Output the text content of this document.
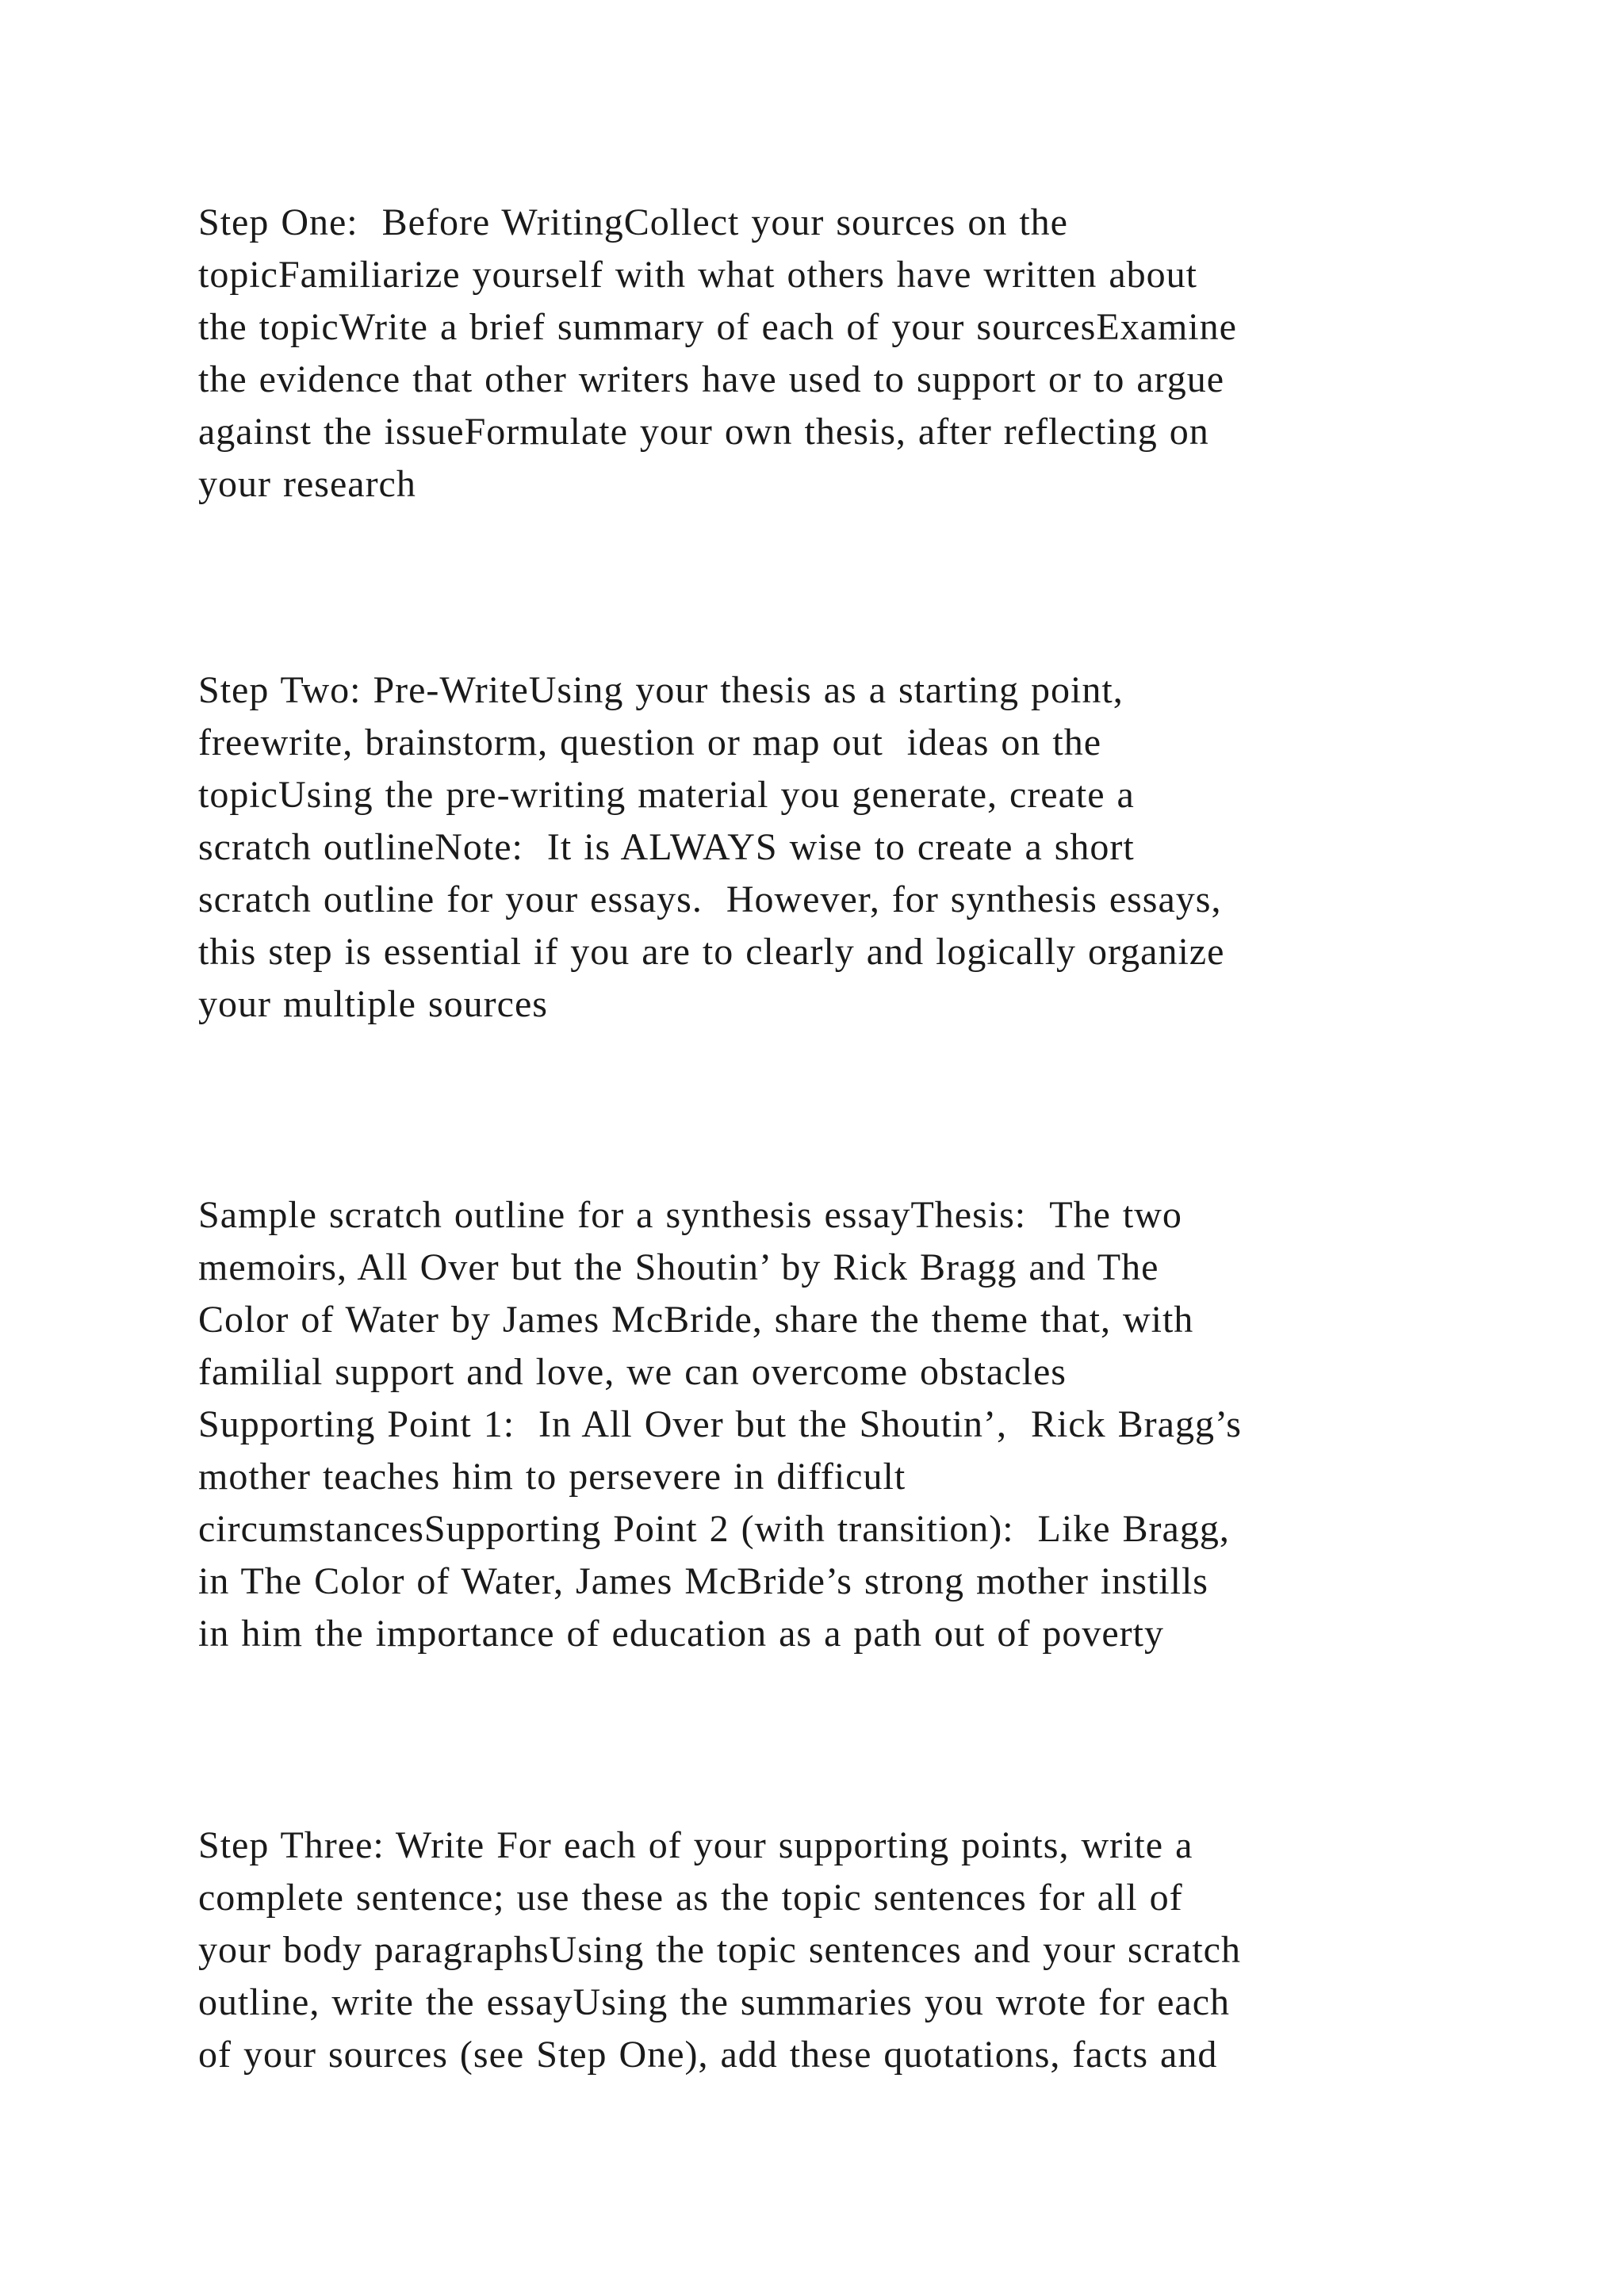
Step One:  Before WritingCollect your sources on the
topicFamiliarize yourself with what others have written about
the topicWrite a brief summary of each of your sourcesExamine
the evidence that other writers have used to support or to argue
against the issueFormulate your own thesis, after reflecting on
your research

Step Two: Pre-WriteUsing your thesis as a starting point,
freewrite, brainstorm, question or map out  ideas on the
topicUsing the pre-writing material you generate, create a
scratch outlineNote:  It is ALWAYS wise to create a short
scratch outline for your essays.  However, for synthesis essays,
this step is essential if you are to clearly and logically organize
your multiple sources

Sample scratch outline for a synthesis essayThesis:  The two
memoirs, All Over but the Shoutin’ by Rick Bragg and The
Color of Water by James McBride, share the theme that, with
familial support and love, we can overcome obstacles
Supporting Point 1:  In All Over but the Shoutin’,  Rick Bragg’s
mother teaches him to persevere in difficult
circumstancesSupporting Point 2 (with transition):  Like Bragg,
in The Color of Water, James McBride’s strong mother instills
in him the importance of education as a path out of poverty

Step Three: Write For each of your supporting points, write a
complete sentence; use these as the topic sentences for all of
your body paragraphsUsing the topic sentences and your scratch
outline, write the essayUsing the summaries you wrote for each
of your sources (see Step One), add these quotations, facts and
